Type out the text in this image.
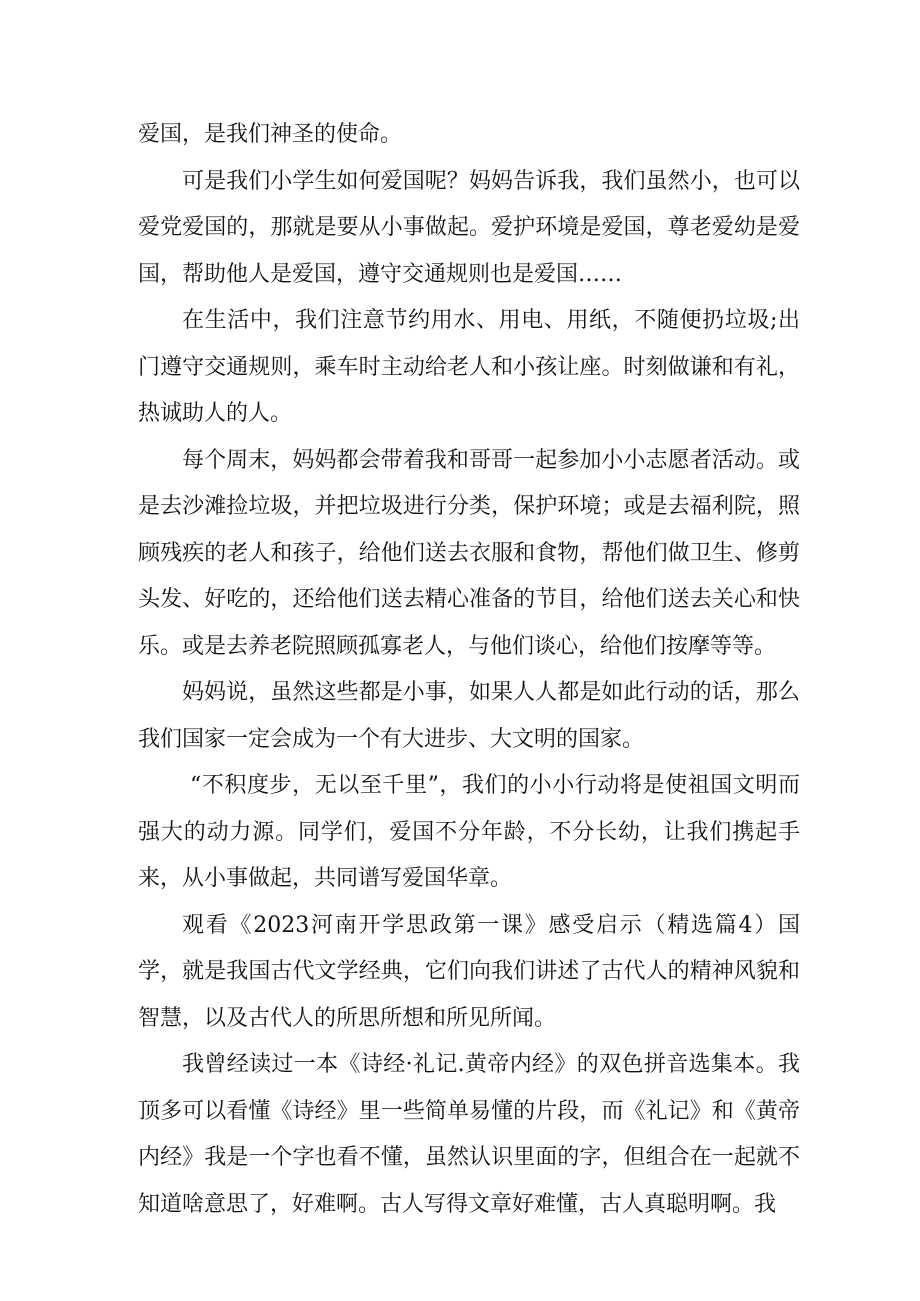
爱国，是我们神圣的使命。

可是我们小学生如何爱国呢？妈妈告诉我，我们虽然小，也可以爱党爱国的，那就是要从小事做起。爱护环境是爱国，尊老爱幼是爱国，帮助他人是爱国，遵守交通规则也是爱国……

在生活中，我们注意节约用水、用电、用纸，不随便扔垃圾;出门遵守交通规则，乘车时主动给老人和小孩让座。时刻做谦和有礼，热诚助人的人。

每个周末，妈妈都会带着我和哥哥一起参加小小志愿者活动。或是去沙滩捡垃圾，并把垃圾进行分类，保护环境；或是去福利院，照顾残疾的老人和孩子，给他们送去衣服和食物，帮他们做卫生、修剪头发、好吃的，还给他们送去精心准备的节目，给他们送去关心和快乐。或是去养老院照顾孤寡老人，与他们谈心，给他们按摩等等。

妈妈说，虽然这些都是小事，如果人人都是如此行动的话，那么我们国家一定会成为一个有大进步、大文明的国家。

“不积度步，无以至千里”，我们的小小行动将是使祖国文明而强大的动力源。同学们，爱国不分年龄，不分长幼，让我们携起手来，从小事做起，共同谱写爱国华章。

观看《2023河南开学思政第一课》感受启示（精选篇4）国学，就是我国古代文学经典，它们向我们讲述了古代人的精神风貌和智慧，以及古代人的所思所想和所见所闻。

我曾经读过一本《诗经·礼记.黄帝内经》的双色拼音选集本。我顶多可以看懂《诗经》里一些简单易懂的片段，而《礼记》和《黄帝内经》我是一个字也看不懂，虽然认识里面的字，但组合在一起就不知道啥意思了，好难啊。古人写得文章好难懂，古人真聪明啊。我
